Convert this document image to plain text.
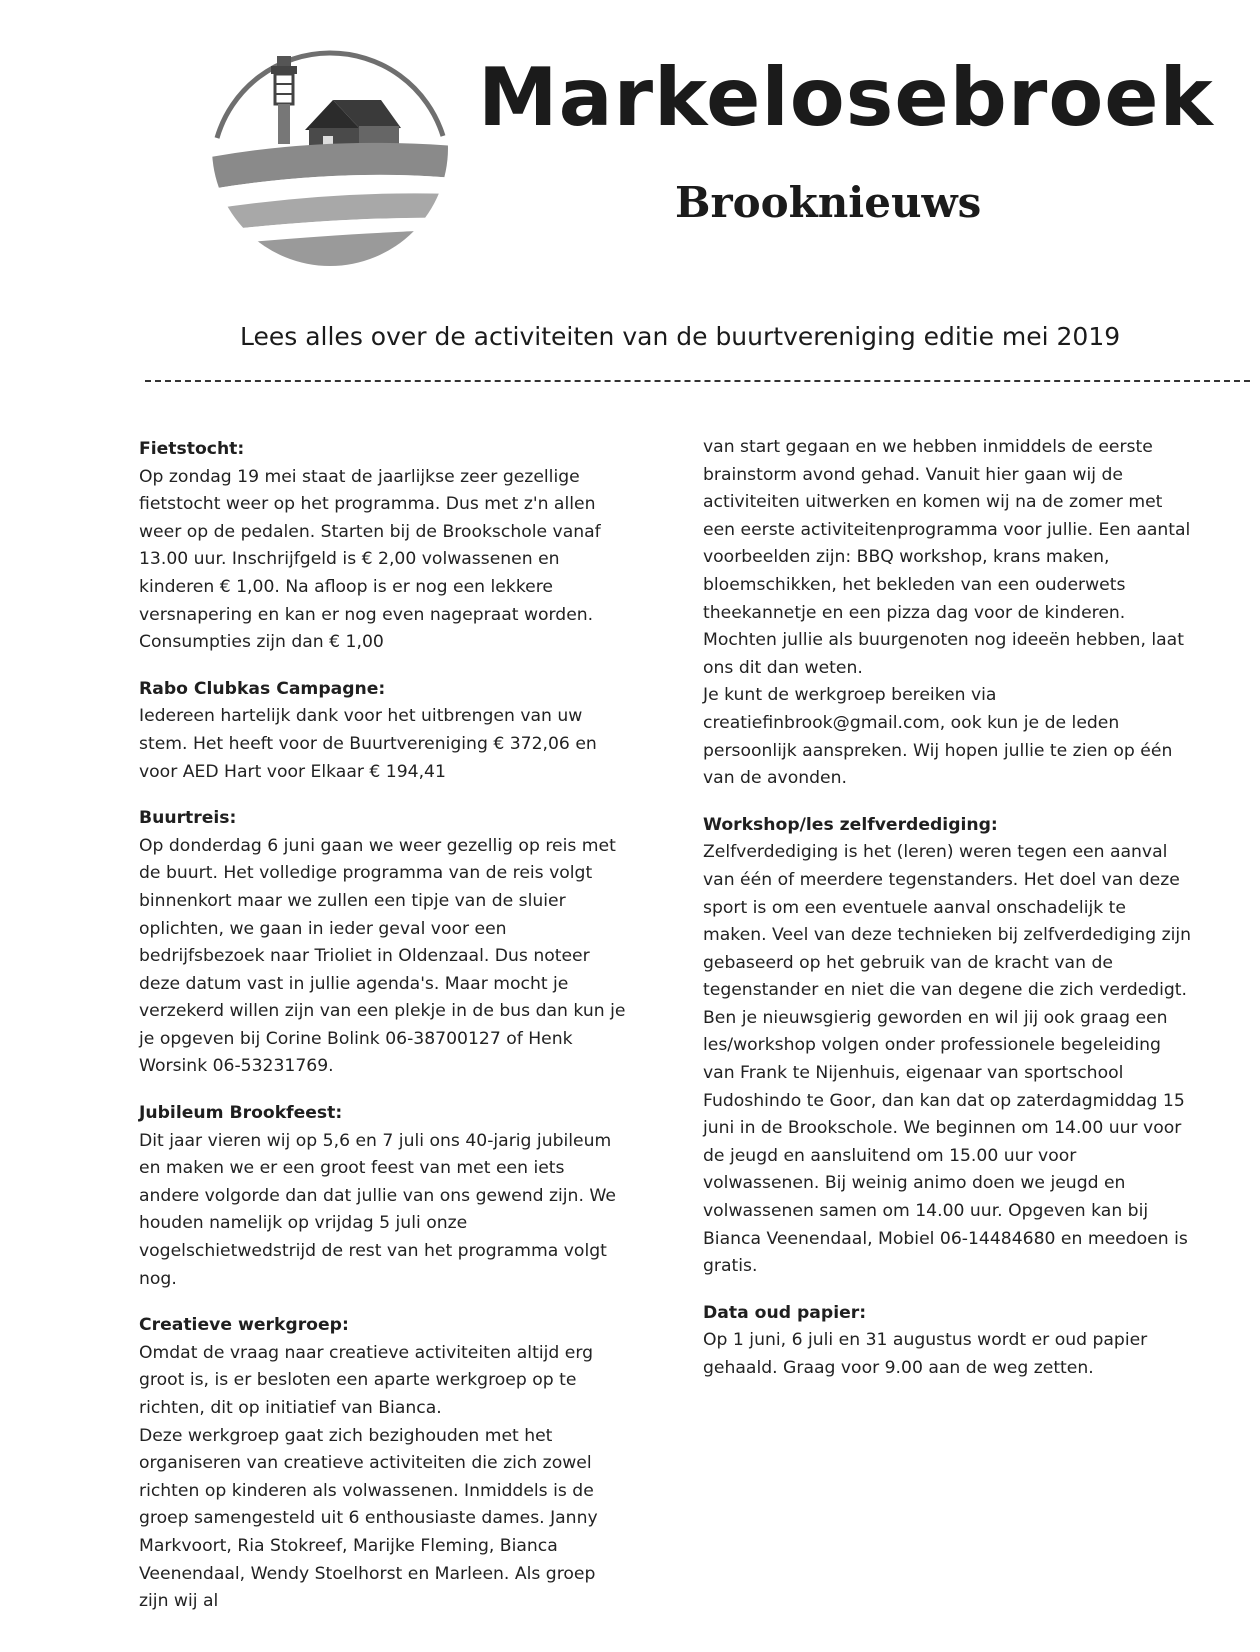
Markelosebroek
Brooknieuws
Lees alles over de activiteiten van de buurtvereniging editie mei 2019
Fietstocht:

Op zondag 19 mei staat de jaarlijkse zeer gezellige fietstocht weer op het programma. Dus met z'n allen weer op de pedalen. Starten bij de Brookschole vanaf 13.00 uur. Inschrijfgeld is € 2,00 volwassenen en kinderen € 1,00. Na afloop is er nog een lekkere versnapering en kan er nog even nagepraat worden. Consumpties zijn dan € 1,00

Rabo Clubkas Campagne:

Iedereen hartelijk dank voor het uitbrengen van uw stem. Het heeft voor de Buurtvereniging € 372,06 en voor AED Hart voor Elkaar € 194,41

Buurtreis:

Op donderdag 6 juni gaan we weer gezellig op reis met de buurt. Het volledige programma van de reis volgt binnenkort maar we zullen een tipje van de sluier oplichten, we gaan in ieder geval voor een bedrijfsbezoek naar Trioliet in Oldenzaal. Dus noteer deze datum vast in jullie agenda's. Maar mocht je verzekerd willen zijn van een plekje in de bus dan kun je je opgeven bij Corine Bolink 06-38700127 of Henk Worsink 06-53231769.

Jubileum Brookfeest:

Dit jaar vieren wij op 5,6 en 7 juli ons 40-jarig jubileum en maken we er een groot feest van met een iets andere volgorde dan dat jullie van ons gewend zijn. We houden namelijk op vrijdag 5 juli onze vogelschietwedstrijd de rest van het programma volgt nog.

Creatieve werkgroep:

Omdat de vraag naar creatieve activiteiten altijd erg groot is, is er besloten een aparte werkgroep op te richten, dit op initiatief van Bianca.

Deze werkgroep gaat zich bezighouden met het organiseren van creatieve activiteiten die zich zowel richten op kinderen als volwassenen. Inmiddels is de groep samengesteld uit 6 enthousiaste dames. Janny Markvoort, Ria Stokreef, Marijke Fleming, Bianca Veenendaal, Wendy Stoelhorst en Marleen. Als groep zijn wij al

van start gegaan en we hebben inmiddels de eerste brainstorm avond gehad. Vanuit hier gaan wij de activiteiten uitwerken en komen wij na de zomer met een eerste activiteitenprogramma voor jullie. Een aantal voorbeelden zijn: BBQ workshop, krans maken, bloemschikken, het bekleden van een ouderwets theekannetje en een pizza dag voor de kinderen. Mochten jullie als buurgenoten nog ideeën hebben, laat ons dit dan weten.

Je kunt de werkgroep bereiken via creatiefinbrook@gmail.com, ook kun je de leden persoonlijk aanspreken. Wij hopen jullie te zien op één van de avonden.

Workshop/les zelfverdediging:

Zelfverdediging is het (leren) weren tegen een aanval van één of meerdere tegenstanders. Het doel van deze sport is om een eventuele aanval onschadelijk te maken. Veel van deze technieken bij zelfverdediging zijn gebaseerd op het gebruik van de kracht van de tegenstander en niet die van degene die zich verdedigt. Ben je nieuwsgierig geworden en wil jij ook graag een les/workshop volgen onder professionele begeleiding van Frank te Nijenhuis, eigenaar van sportschool Fudoshindo te Goor, dan kan dat op zaterdagmiddag 15 juni in de Brookschole. We beginnen om 14.00 uur voor de jeugd en aansluitend om 15.00 uur voor volwassenen. Bij weinig animo doen we jeugd en volwassenen samen om 14.00 uur. Opgeven kan bij Bianca Veenendaal, Mobiel 06-14484680 en meedoen is gratis.

Data oud papier:

Op 1 juni, 6 juli en 31 augustus wordt er oud papier gehaald. Graag voor 9.00 aan de weg zetten.
